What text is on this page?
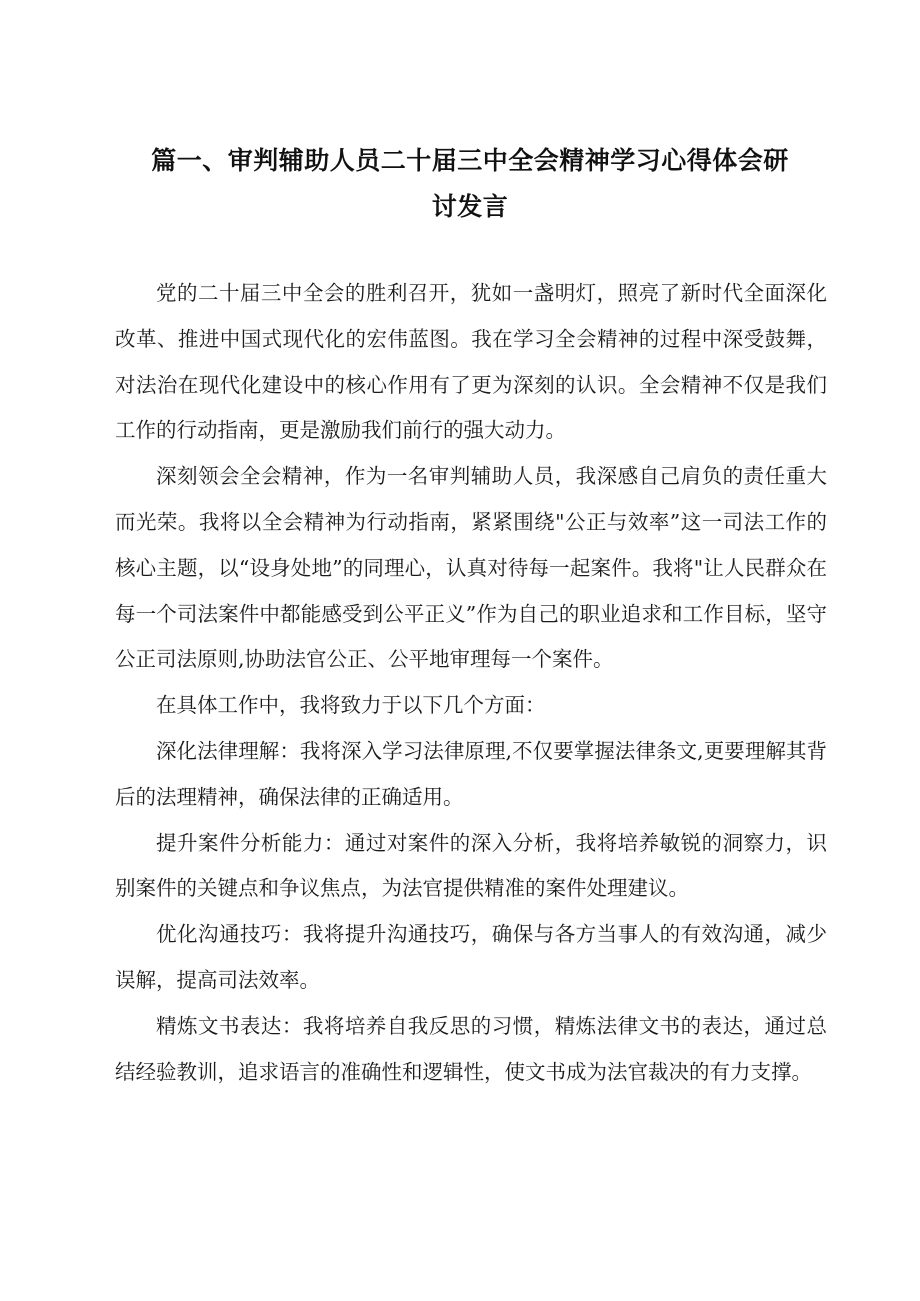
篇一、审判辅助人员二十届三中全会精神学习心得体会研
讨发言

党的二十届三中全会的胜利召开，犹如一盏明灯，照亮了新时代全面深化改革、推进中国式现代化的宏伟蓝图。我在学习全会精神的过程中深受鼓舞，对法治在现代化建设中的核心作用有了更为深刻的认识。全会精神不仅是我们工作的行动指南，更是激励我们前行的强大动力。

深刻领会全会精神，作为一名审判辅助人员，我深感自己肩负的责任重大而光荣。我将以全会精神为行动指南，紧紧围绕"公正与效率”这一司法工作的核心主题，以“设身处地”的同理心，认真对待每一起案件。我将"让人民群众在每一个司法案件中都能感受到公平正义”作为自己的职业追求和工作目标，坚守公正司法原则,协助法官公正、公平地审理每一个案件。

在具体工作中，我将致力于以下几个方面：

深化法律理解：我将深入学习法律原理,不仅要掌握法律条文,更要理解其背后的法理精神，确保法律的正确适用。

提升案件分析能力：通过对案件的深入分析，我将培养敏锐的洞察力，识别案件的关键点和争议焦点，为法官提供精准的案件处理建议。

优化沟通技巧：我将提升沟通技巧，确保与各方当事人的有效沟通，减少误解，提高司法效率。

精炼文书表达：我将培养自我反思的习惯，精炼法律文书的表达，通过总结经验教训，追求语言的准确性和逻辑性，使文书成为法官裁决的有力支撑。
